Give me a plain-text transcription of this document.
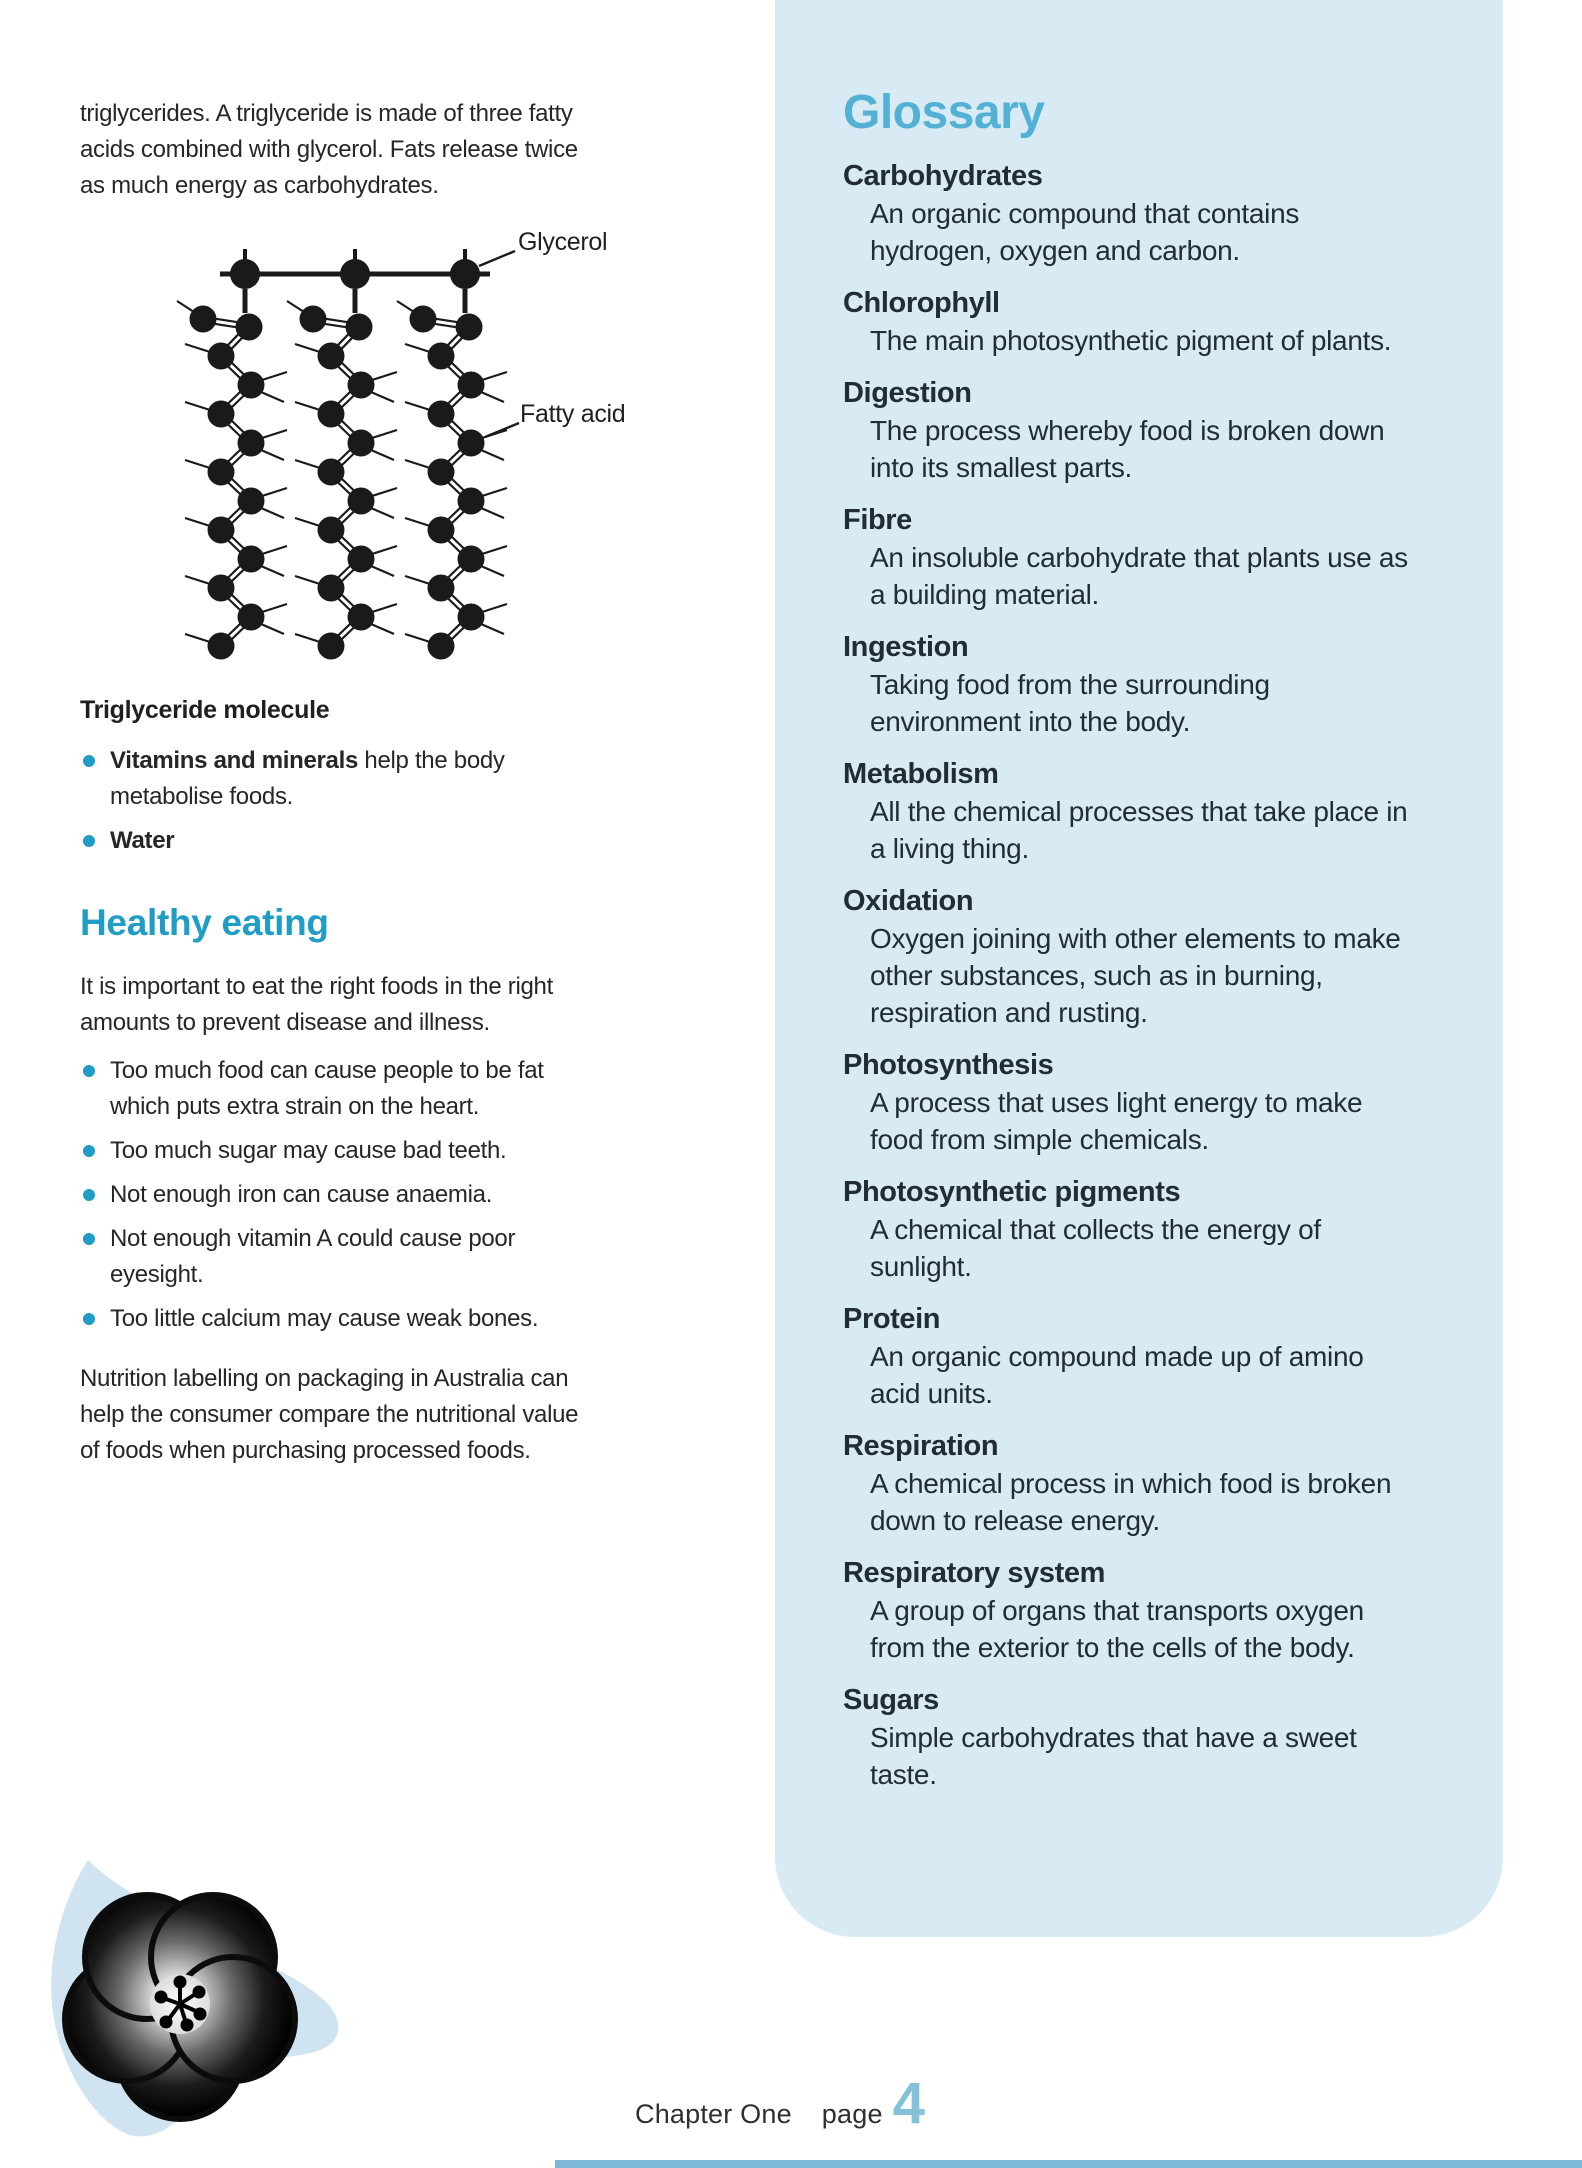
triglycerides. A triglyceride is made of three fatty acids combined with glycerol. Fats release twice as much energy as carbohydrates.

Glycerol
Fatty acid

Triglyceride molecule

Vitamins and minerals help the body metabolise foods.
Water
Healthy eating

It is important to eat the right foods in the right amounts to prevent disease and illness.

Too much food can cause people to be fat which puts extra strain on the heart.
Too much sugar may cause bad teeth.
Not enough iron can cause anaemia.
Not enough vitamin A could cause poor eyesight.
Too little calcium may cause weak bones.

Nutrition labelling on packaging in Australia can help the consumer compare the nutritional value of foods when purchasing processed foods.

Glossary
Carbohydrates
An organic compound that contains hydrogen, oxygen and carbon.
Chlorophyll
The main photosynthetic pigment of plants.
Digestion
The process whereby food is broken down into its smallest parts.
Fibre
An insoluble carbohydrate that plants use as a building material.
Ingestion
Taking food from the surrounding environment into the body.
Metabolism
All the chemical processes that take place in a living thing.
Oxidation
Oxygen joining with other elements to make other substances, such as in burning, respiration and rusting.
Photosynthesis
A process that uses light energy to make food from simple chemicals.
Photosynthetic pigments
A chemical that collects the energy of sunlight.
Protein
An organic compound made up of amino acid units.
Respiration
A chemical process in which food is broken down to release energy.
Respiratory system
A group of organs that transports oxygen from the exterior to the cells of the body.
Sugars
Simple carbohydrates that have a sweet taste.
Chapter One page 4
